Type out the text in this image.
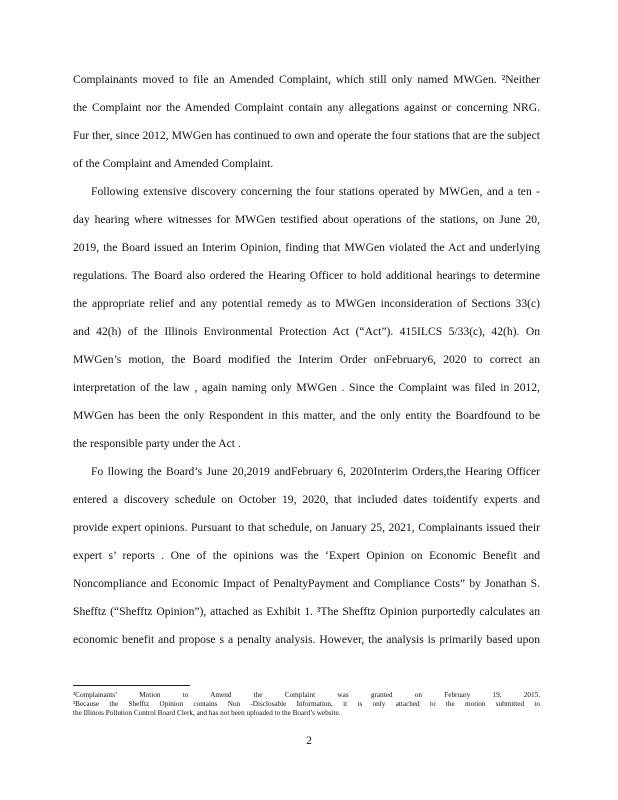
Complainants moved to file an Amended Complaint, which still only named MWGen. ²Neither
the Complaint nor the Amended Complaint contain any allegations against or concerning NRG.
Fur ther, since 2012, MWGen has continued to own and operate the four stations that are the subject
of the Complaint and Amended Complaint.
Following extensive discovery concerning the four stations operated by MWGen, and a ten -
day hearing where witnesses for MWGen testified about operations of the stations, on June 20,
2019, the Board issued an Interim Opinion, finding that MWGen violated the Act and underlying
regulations. The Board also ordered the Hearing Officer to hold additional hearings to determine
the appropriate relief and any potential remedy as to MWGen inconsideration of Sections 33(c)
and 42(h) of the Illinois Environmental Protection Act (“Act”). 415ILCS 5/33(c), 42(h). On
MWGen’s motion, the Board modified the Interim Order onFebruary6, 2020 to correct an
interpretation of the law , again naming only MWGen . Since the Complaint was filed in 2012,
MWGen has been the only Respondent in this matter, and the only entity the Boardfound to be
the responsible party under the Act .
Fo llowing the Board’s June 20,2019 andFebruary 6, 2020Interim Orders,the Hearing Officer
entered a discovery schedule on October 19, 2020, that included dates toidentify experts and
provide expert opinions. Pursuant to that schedule, on January 25, 2021, Complainants issued their
expert s’ reports . One of the opinions was the ‘Expert Opinion on Economic Benefit and
Noncompliance and Economic Impact of PenaltyPayment and Compliance Costs” by Jonathan S.
Shefftz (“Shefftz Opinion”), attached as Exhibit 1. ³The Shefftz Opinion purportedly calculates an
economic benefit and propose s a penalty analysis. However, the analysis is primarily based upon
²Complainants’ Motion to Amend the Complaint was granted on February 19, 2015.
³Because the Shefftz Opinion contains Non -Disclosable Information, it is only attached to the motion submitted to
the Illinois Pollution Control Board Clerk, and has not been uploaded to the Board’s website.
2
